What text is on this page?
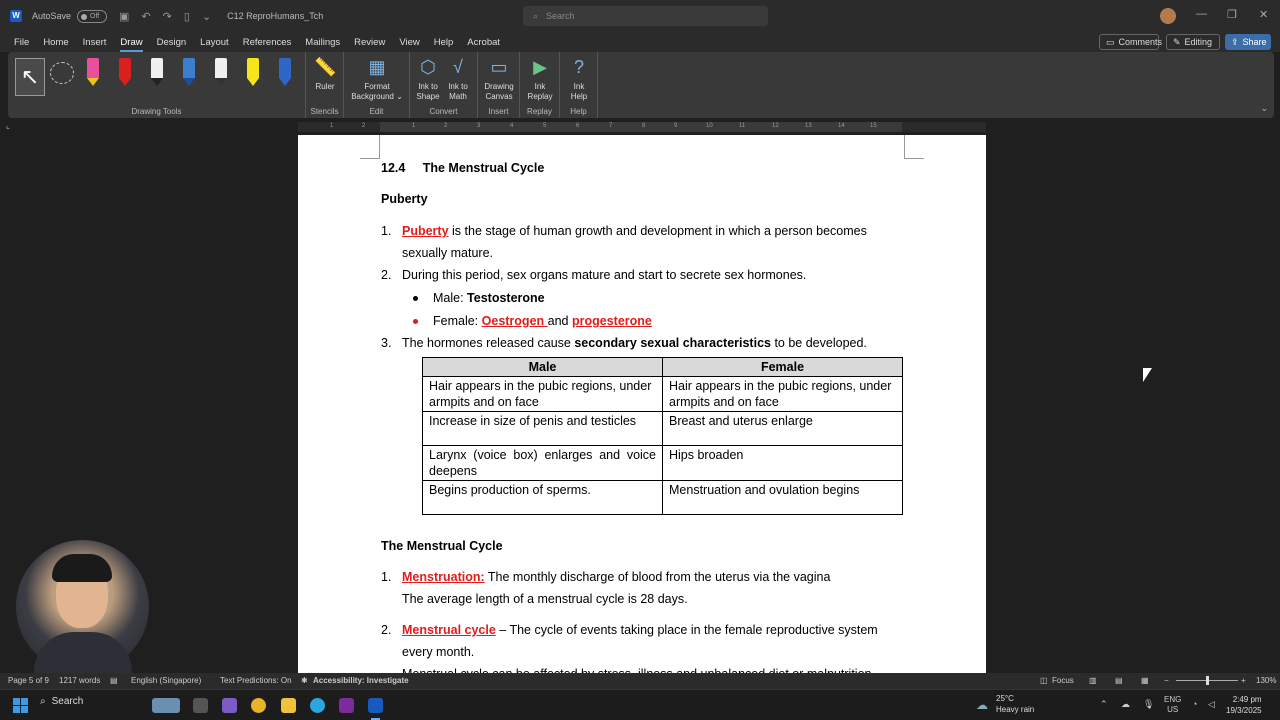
W AutoSave	Off	▣ ↶ ↷ ▯ ⌄ C12 ReproHumans_Tch	⌕ Search	— ❐ ✕
File Home Insert Draw Design Layout References Mailings Review View Help Acrobat	▭ Comments ✎ Editing ⇪ Share
↖
Drawing Tools
📏
Ruler
Stencils
▦
Format
Background ⌄
Edit
⬡
Ink to
Shape
√
Ink to
Math
Convert
▭
Drawing
Canvas
Insert
▶
Ink
Replay
Replay
?
Ink
Help
Help	⌄
⌞	1	2	1	2	3	4	5	6	7	8	9	10	11	12	13	14	15
12.4 The Menstrual Cycle
Puberty
1. Puberty is the stage of human growth and development in which a person becomes
sexually mature.
2. During this period, sex organs mature and start to secrete sex hormones.
Male: Testosterone
Female: Oestrogen and progesterone
3. The hormones released cause secondary sexual characteristics to be developed.
Male	Female
Hair appears in the pubic regions, under armpits and on face	Hair appears in the pubic regions, under armpits and on face
Increase in size of penis and testicles	Breast and uterus enlarge
Larynx (voice box) enlarges and voice deepens	Hips broaden
Begins production of sperms.	Menstruation and ovulation begins
The Menstrual Cycle
1. Menstruation: The monthly discharge of blood from the uterus via the vagina
The average length of a menstrual cycle is 28 days.
2. Menstrual cycle – The cycle of events taking place in the female reproductive system
every month.
Page 5 of 9 1217 words ▤ English (Singapore) Text Predictions: On ✱ Accessibility: Investigate	◫ Focus ▥ ▤ ▦ −	+ 130%
⌕ Search	☁ 25°C
Heavy rain
⌃ ☁ 🎙 ENG
US
◔ ◁	2:49 pm
19/3/2025
